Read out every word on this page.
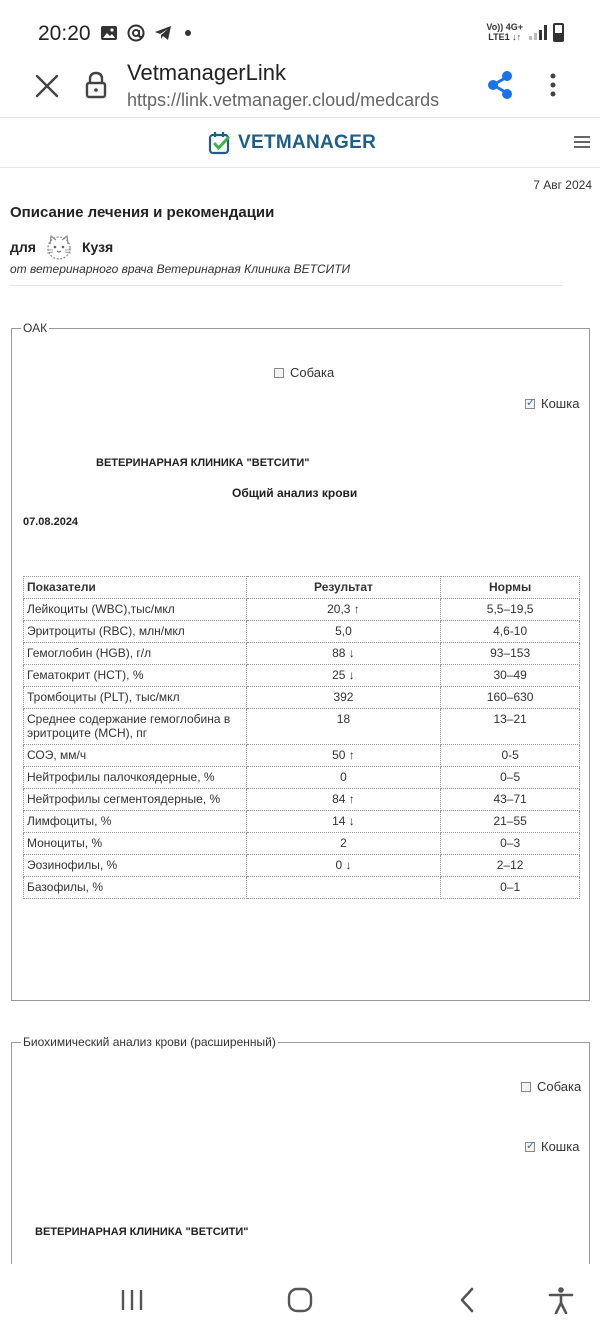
20:20	Vo)) 4G+
LTE1 ↓↑
VetmanagerLink
https://link.vetmanager.cloud/medcards
VETMANAGER
7 Авг 2024
Описание лечения и рекомендации
для	Кузя
от ветеринарного врача Ветеринарная Клиника ВЕТСИТИ
ОАК
Собака
✓
Кошка
ВЕТЕРИНАРНАЯ КЛИНИКА "ВЕТСИТИ"
Общий анализ крови
07.08.2024
Показатели	Результат	Нормы
Лейкоциты (WBC),тыс/мкл	20,3 ↑	5,5–19,5
Эритроциты (RBC), млн/мкл	5,0	4,6-10
Гемоглобин (HGB), г/л	88 ↓	93–153
Гематокрит (HCT), %	25 ↓	30–49
Тромбоциты (PLT), тыс/мкл	392	160–630
Среднее содержание гемоглобина в эритроците (MCH), пг	18	13–21
СОЭ, мм/ч	50 ↑	0-5
Нейтрофилы палочкоядерные, %	0	0–5
Нейтрофилы сегментоядерные, %	84 ↑	43–71
Лимфоциты, %	14 ↓	21–55
Моноциты, %	2	0–3
Эозинофилы, %	0 ↓	2–12
Базофилы, %		0–1
Биохимический анализ крови (расширенный)
Собака
✓
Кошка
ВЕТЕРИНАРНАЯ КЛИНИКА "ВЕТСИТИ"
